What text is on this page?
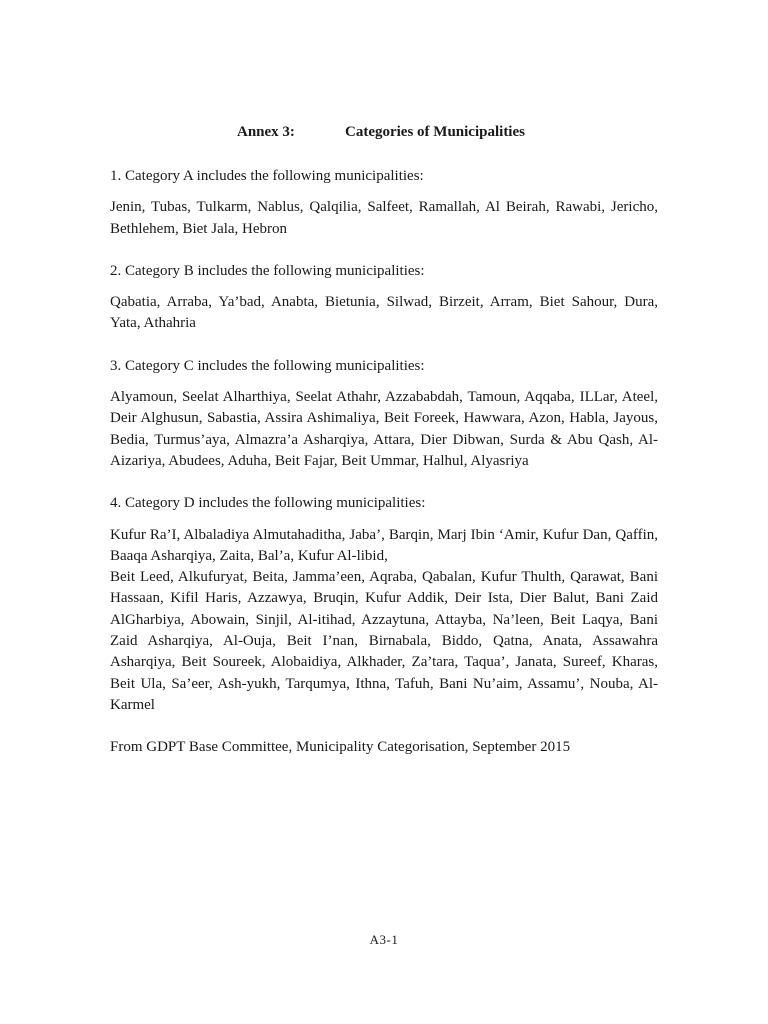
Annex 3:	Categories of Municipalities

1. Category A includes the following municipalities:

Jenin, Tubas, Tulkarm, Nablus, Qalqilia, Salfeet, Ramallah, Al Beirah, Rawabi, Jericho, Bethlehem, Biet Jala, Hebron

2. Category B includes the following municipalities:

Qabatia, Arraba, Ya’bad, Anabta, Bietunia, Silwad, Birzeit, Arram, Biet Sahour, Dura, Yata, Athahria

3. Category C includes the following municipalities:

Alyamoun, Seelat Alharthiya, Seelat Athahr, Azzababdah, Tamoun, Aqqaba, ILLar, Ateel, Deir Alghusun, Sabastia, Assira Ashimaliya, Beit Foreek, Hawwara, Azon, Habla, Jayous, Bedia, Turmus’aya, Almazra’a Asharqiya, Attara, Dier Dibwan, Surda & Abu Qash, Al-Aizariya, Abudees, Aduha, Beit Fajar, Beit Ummar, Halhul, Alyasriya

4. Category D includes the following municipalities:

Kufur Ra’I, Albaladiya Almutahaditha, Jaba’, Barqin, Marj Ibin ‘Amir, Kufur Dan, Qaffin, Baaqa Asharqiya, Zaita, Bal’a, Kufur Al-libid,
Beit Leed, Alkufuryat, Beita, Jamma’een, Aqraba, Qabalan, Kufur Thulth, Qarawat, Bani Hassaan, Kifil Haris, Azzawya, Bruqin, Kufur Addik, Deir Ista, Dier Balut, Bani Zaid AlGharbiya, Abowain, Sinjil, Al-itihad, Azzaytuna, Attayba, Na’leen, Beit Laqya, Bani Zaid Asharqiya, Al-Ouja, Beit I’nan, Birnabala, Biddo, Qatna, Anata, Assawahra Asharqiya, Beit Soureek, Alobaidiya, Alkhader, Za’tara, Taqua’, Janata, Sureef, Kharas, Beit Ula, Sa’eer, Ash-yukh, Tarqumya, Ithna, Tafuh, Bani Nu’aim, Assamu’, Nouba, Al-Karmel

From GDPT Base Committee, Municipality Categorisation, September 2015

A3-1
